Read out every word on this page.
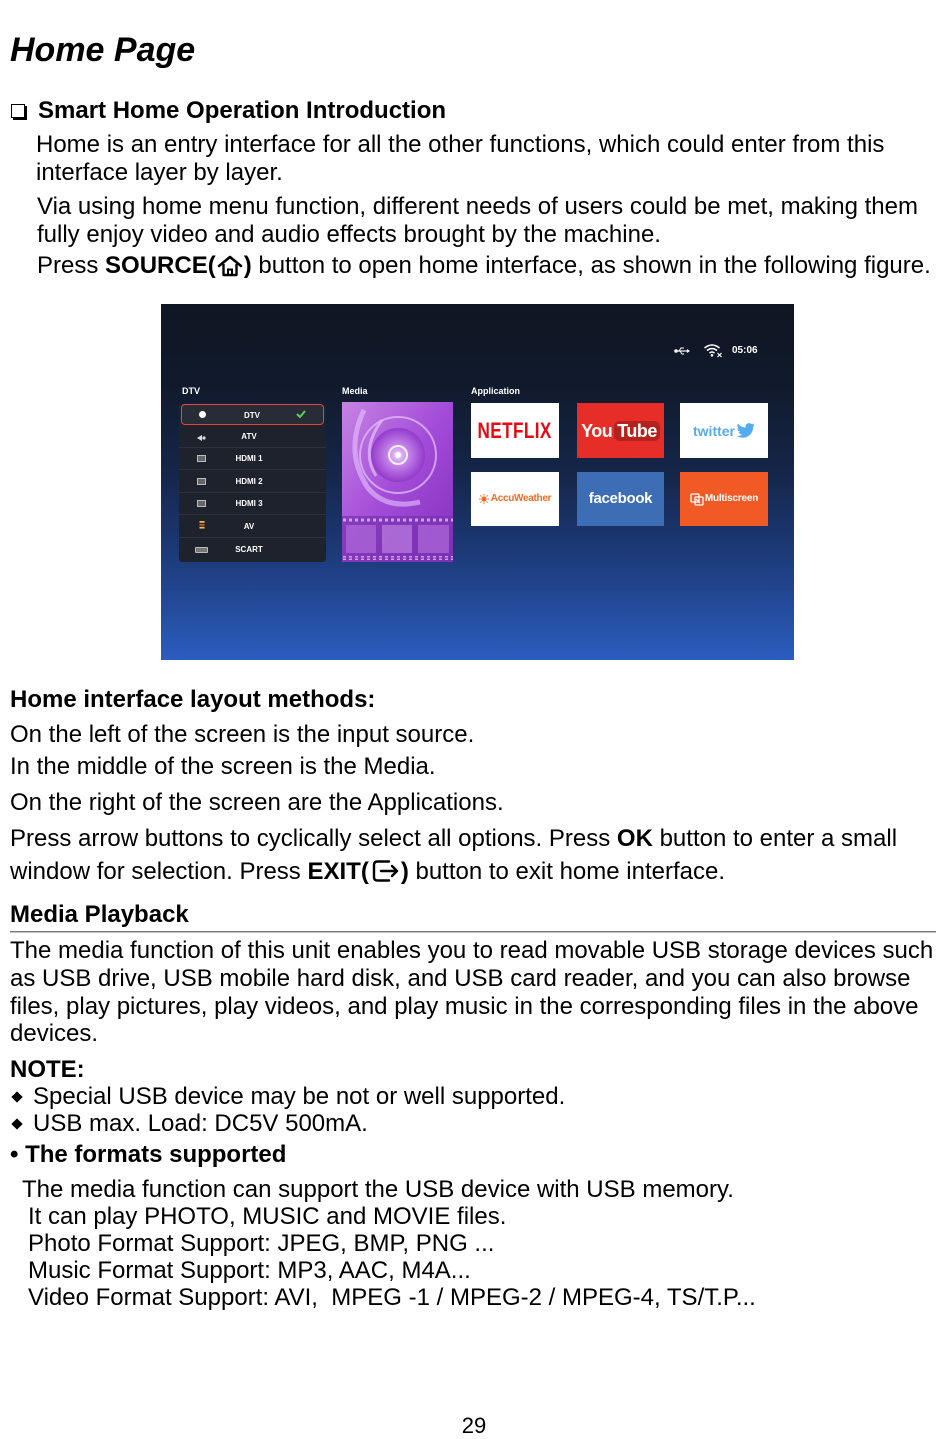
Home Page
Smart Home Operation Introduction
Home is an entry interface for all the other functions, which could enter from this
interface layer by layer.
Via using home menu function, different needs of users could be met, making them
fully enjoy video and audio effects brought by the machine.
Press SOURCE( ) button to open home interface, as shown in the following figure.
05:06
DTV	Media	Application
DTV
ATV
HDMI 1
HDMI 2
HDMI 3
AV
SCART
NETFLIX You Tube	twitter
AccuWeather	facebook	Multiscreen
Home interface layout methods:
On the left of the screen is the input source.
In the middle of the screen is the Media.
On the right of the screen are the Applications.
Press arrow buttons to cyclically select all options. Press OK button to enter a small
window for selection. Press EXIT( ) button to exit home interface.
Media Playback
The media function of this unit enables you to read movable USB storage devices such
as USB drive, USB mobile hard disk, and USB card reader, and you can also browse
files, play pictures, play videos, and play music in the corresponding files in the above
devices.
NOTE:
Special USB device may be not or well supported.
USB max. Load: DC5V 500mA.
• The formats supported
The media function can support the USB device with USB memory.
It can play PHOTO, MUSIC and MOVIE files.
Photo Format Support: JPEG, BMP, PNG ...
Music Format Support: MP3, AAC, M4A...
Video Format Support: AVI,  MPEG -1 / MPEG-2 / MPEG-4, TS/T.P...
29
